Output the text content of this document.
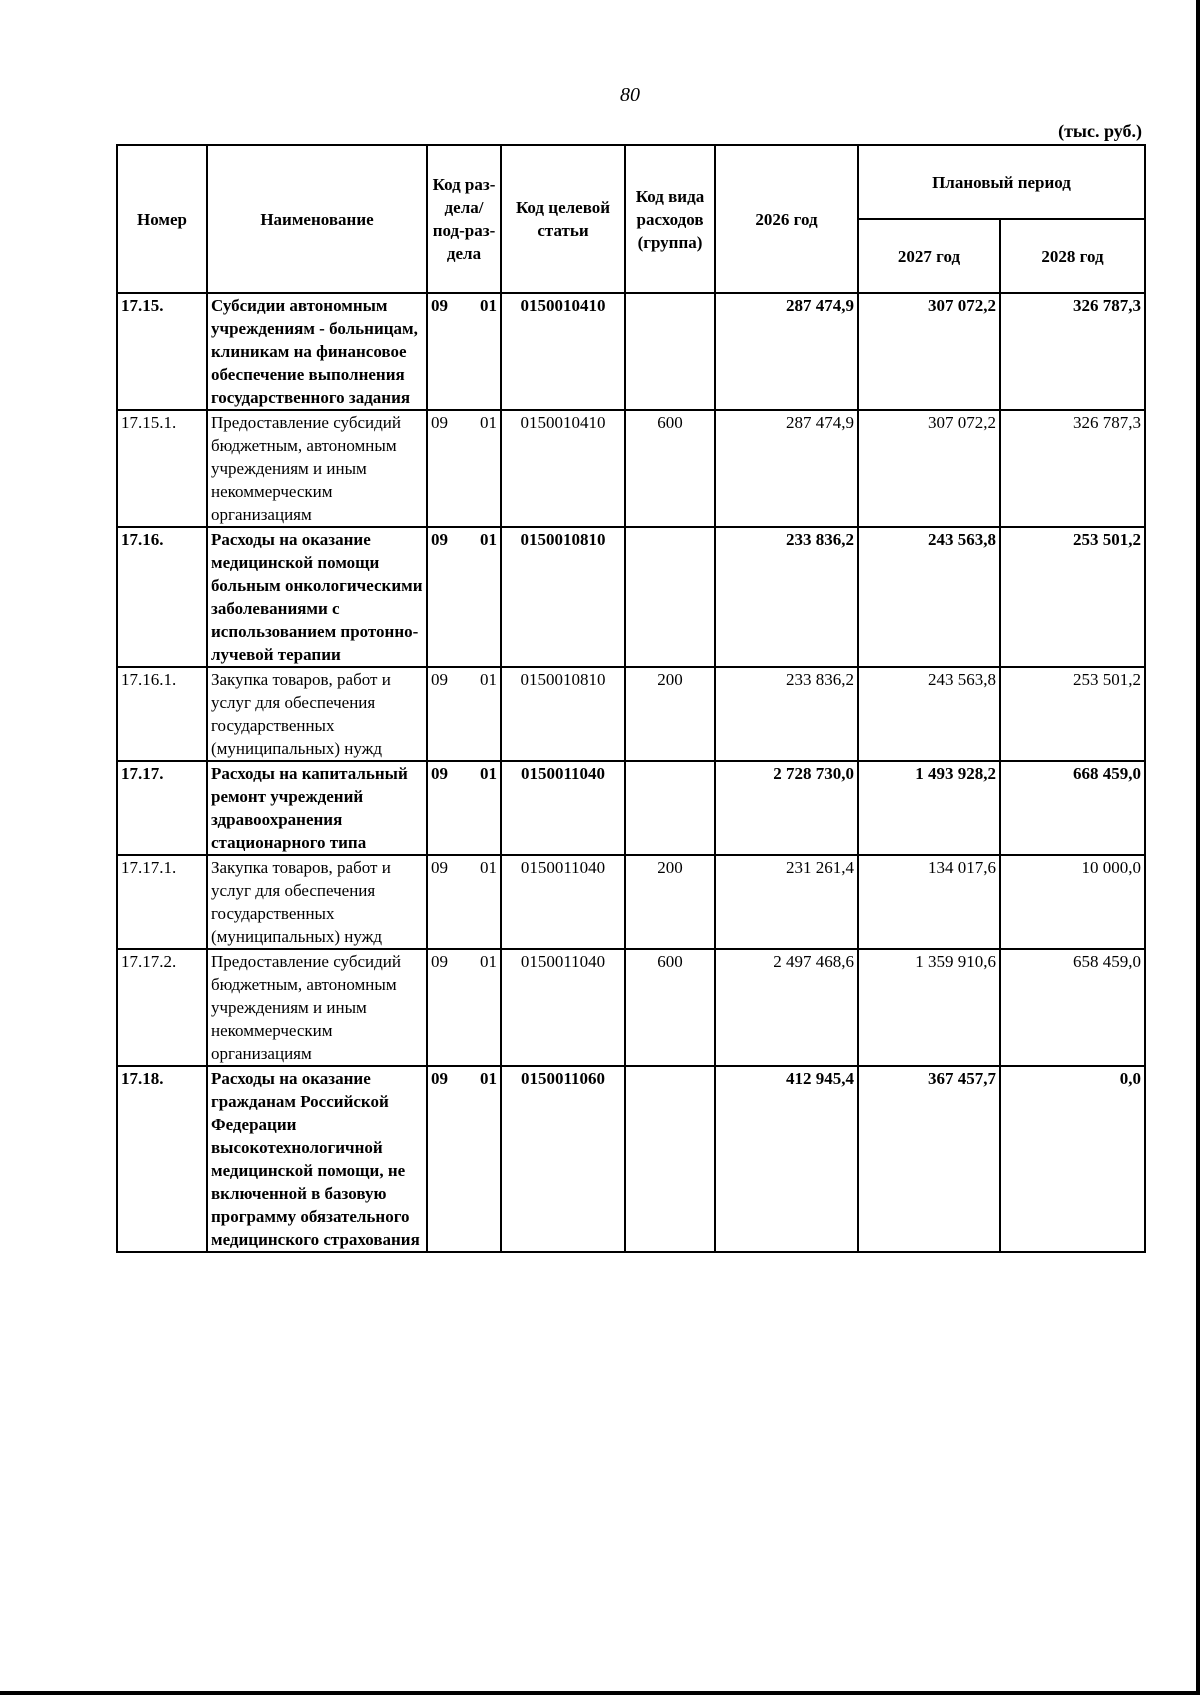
80
(тыс. руб.)
Номер	Наименование	Код раз-дела/ под-раз-дела	Код целевой статьи	Код вида расходов (группа)	2026 год	Плановый период	
						2027 год	2028 год
17.15.	Субсидии автономным учреждениям - больницам, клиникам на финансовое обеспечение выполнения государственного задания	09 01	0150010410		287 474,9	307 072,2	326 787,3
17.15.1.	Предоставление субсидий бюджетным, автономным учреждениям и иным некоммерческим организациям	09 01	0150010410	600	287 474,9	307 072,2	326 787,3
17.16.	Расходы на оказание медицинской помощи больным онкологическими заболеваниями с использованием протонно-лучевой терапии	09 01	0150010810		233 836,2	243 563,8	253 501,2
17.16.1.	Закупка товаров, работ и услуг для обеспечения государственных (муниципальных) нужд	09 01	0150010810	200	233 836,2	243 563,8	253 501,2
17.17.	Расходы на капитальный ремонт учреждений здравоохранения стационарного типа	09 01	0150011040		2 728 730,0	1 493 928,2	668 459,0
17.17.1.	Закупка товаров, работ и услуг для обеспечения государственных (муниципальных) нужд	09 01	0150011040	200	231 261,4	134 017,6	10 000,0
17.17.2.	Предоставление субсидий бюджетным, автономным учреждениям и иным некоммерческим организациям	09 01	0150011040	600	2 497 468,6	1 359 910,6	658 459,0
17.18.	Расходы на оказание гражданам Российской Федерации высокотехнологичной медицинской помощи, не включенной в базовую программу обязательного медицинского страхования	09 01	0150011060		412 945,4	367 457,7	0,0
